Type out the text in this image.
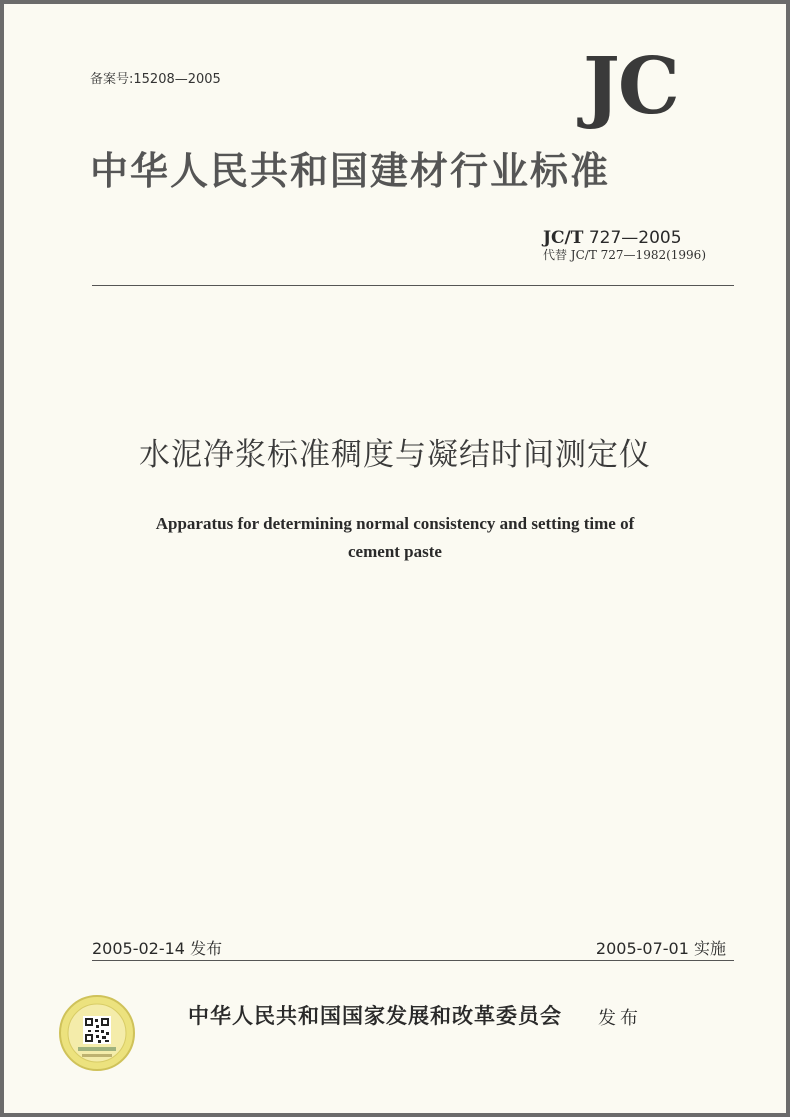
备案号:15208—2005	JC
中华人民共和国建材行业标准
JC/T 727—2005
代替 JC/T 727—1982(1996)
水泥净浆标准稠度与凝结时间测定仪
Apparatus for determining normal consistency and setting time of
cement paste
2005-02-14 发布	2005-07-01 实施
中华人民共和国国家发展和改革委员会 发布
